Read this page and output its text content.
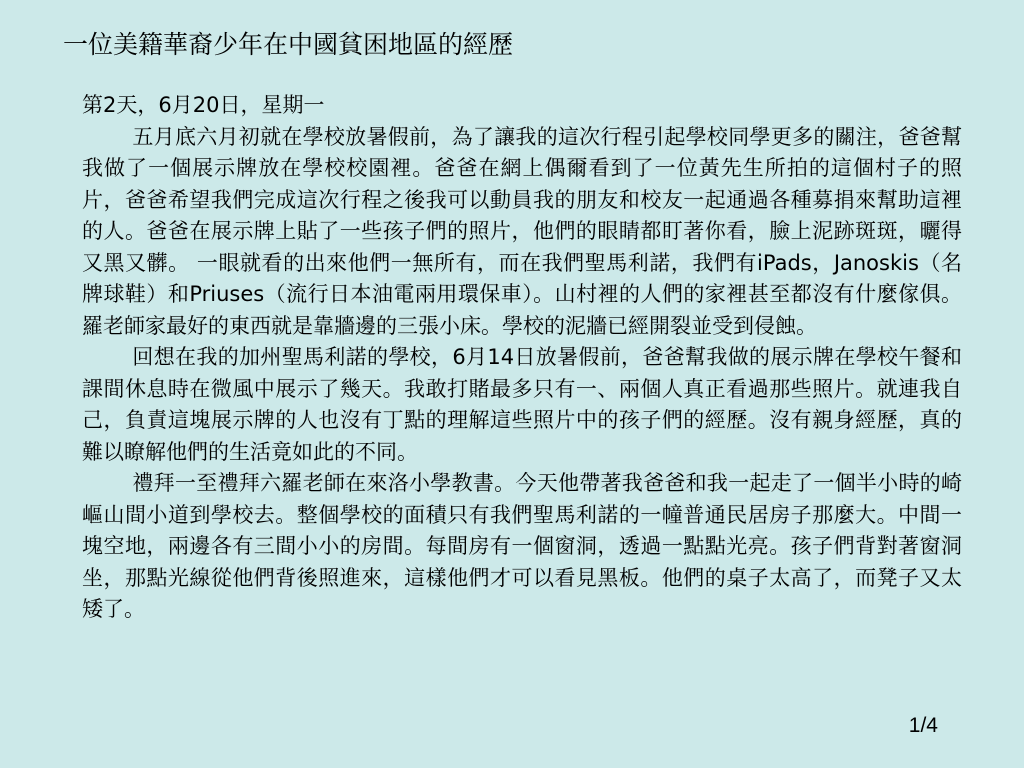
一位美籍華裔少年在中國貧困地區的經歷

第2天，6月20日，星期一

五月底六月初就在學校放暑假前，為了讓我的這次行程引起學校同學更多的關注，爸爸幫我做了一個展示牌放在學校校園裡。爸爸在網上偶爾看到了一位黃先生所拍的這個村子的照片，爸爸希望我們完成這次行程之後我可以動員我的朋友和校友一起通過各種募捐來幫助這裡的人。爸爸在展示牌上貼了一些孩子們的照片，他們的眼睛都盯著你看，臉上泥跡斑斑，曬得又黑又髒。 一眼就看的出來他們一無所有，而在我們聖馬利諾，我們有iPads，Janoskis（名牌球鞋）和Priuses（流行日本油電兩用環保車）。山村裡的人們的家裡甚至都沒有什麼傢俱。羅老師家最好的東西就是靠牆邊的三張小床。學校的泥牆已經開裂並受到侵蝕。

回想在我的加州聖馬利諾的學校，6月14日放暑假前，爸爸幫我做的展示牌在學校午餐和課間休息時在微風中展示了幾天。我敢打賭最多只有一、兩個人真正看過那些照片。就連我自己，負責這塊展示牌的人也沒有丁點的理解這些照片中的孩子們的經歷。沒有親身經歷，真的難以瞭解他們的生活竟如此的不同。

禮拜一至禮拜六羅老師在來洛小學教書。今天他帶著我爸爸和我一起走了一個半小時的崎嶇山間小道到學校去。整個學校的面積只有我們聖馬利諾的一幢普通民居房子那麼大。中間一塊空地，兩邊各有三間小小的房間。每間房有一個窗洞，透過一點點光亮。孩子們背對著窗洞坐，那點光線從他們背後照進來，這樣他們才可以看見黑板。他們的桌子太高了，而凳子又太矮了。

1/4
